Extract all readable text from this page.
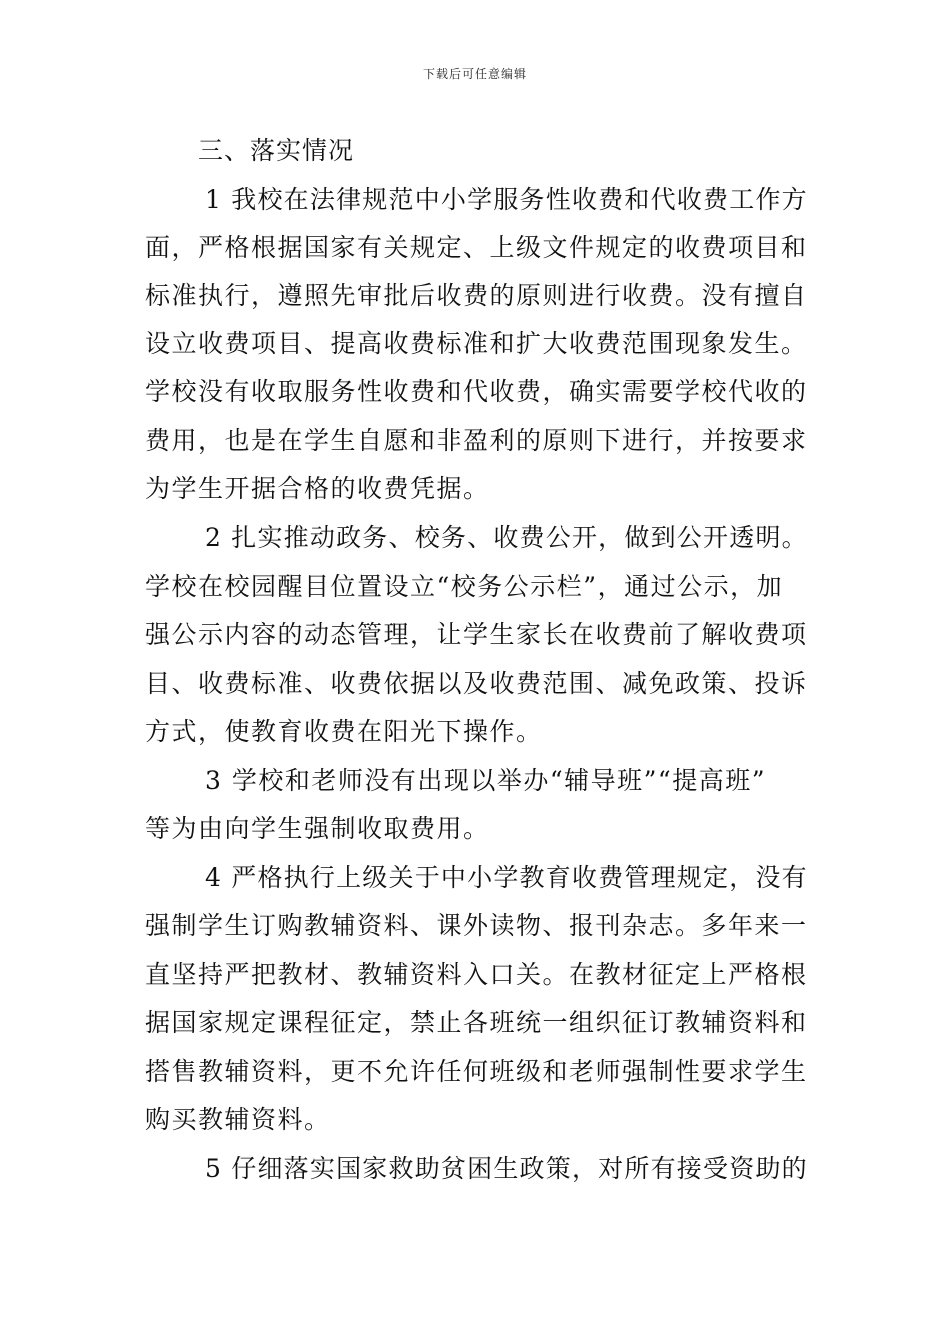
下载后可任意编辑
三、落实情况
1 我校在法律规范中小学服务性收费和代收费工作方
面，严格根据国家有关规定、上级文件规定的收费项目和
标准执行，遵照先审批后收费的原则进行收费。没有擅自
设立收费项目、提高收费标准和扩大收费范围现象发生。
学校没有收取服务性收费和代收费，确实需要学校代收的
费用，也是在学生自愿和非盈利的原则下进行，并按要求
为学生开据合格的收费凭据。
2 扎实推动政务、校务、收费公开，做到公开透明。
学校在校园醒目位置设立“校务公示栏”，通过公示，加
强公示内容的动态管理，让学生家长在收费前了解收费项
目、收费标准、收费依据以及收费范围、减免政策、投诉
方式，使教育收费在阳光下操作。
3 学校和老师没有出现以举办“辅导班”“提高班”
等为由向学生强制收取费用。
4 严格执行上级关于中小学教育收费管理规定，没有
强制学生订购教辅资料、课外读物、报刊杂志。多年来一
直坚持严把教材、教辅资料入口关。在教材征定上严格根
据国家规定课程征定，禁止各班统一组织征订教辅资料和
搭售教辅资料，更不允许任何班级和老师强制性要求学生
购买教辅资料。
5 仔细落实国家救助贫困生政策，对所有接受资助的
